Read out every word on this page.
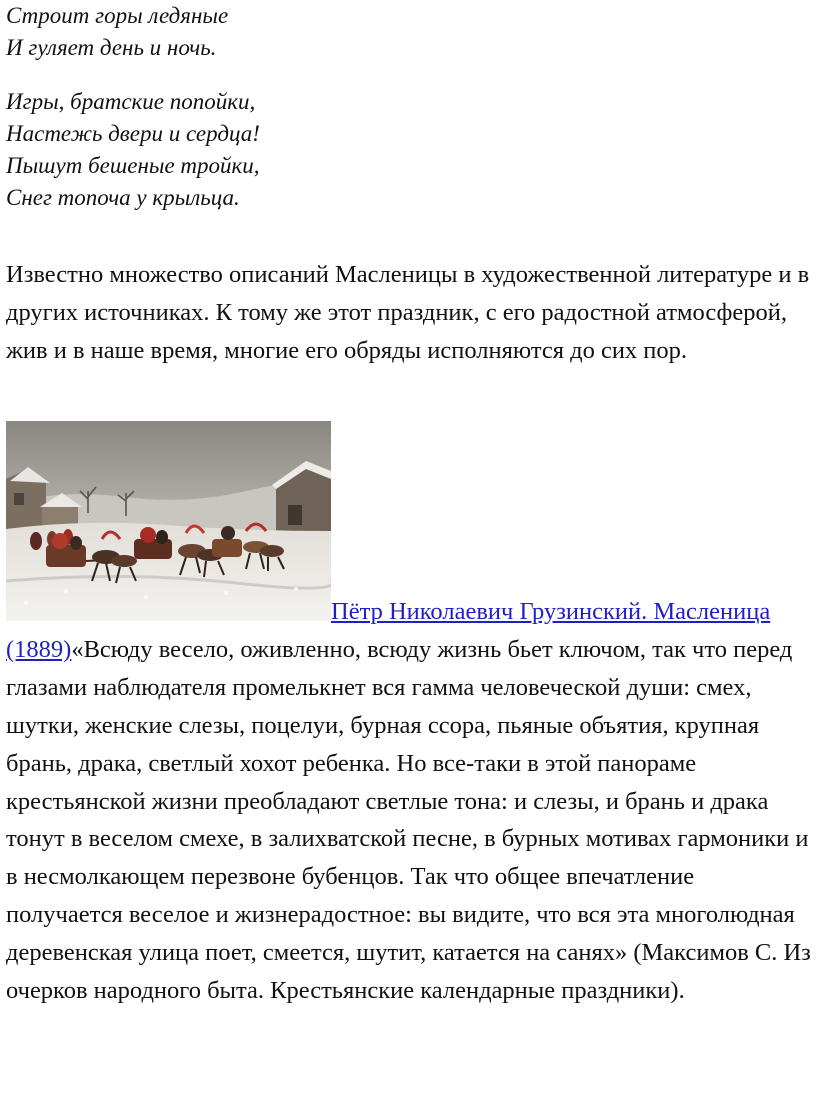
Строит горы ледяные

И гуляет день и ночь.

Игры, братские попойки,

Настежь двери и сердца!

Пышут бешеные тройки,

Снег топоча у крыльца.

Известно множество описаний Масленицы в художественной литературе и в других источниках. К тому же этот праздник, с его радостной атмосферой, жив и в наше время, многие его обряды исполняются до сих пор.

Пётр Николаевич Грузинский. Масленица (1889)«Всюду весело, оживленно, всюду жизнь бьет ключом, так что перед глазами наблюдателя промелькнет вся гамма человеческой души: смех, шутки, женские слезы, поцелуи, бурная ссора, пьяные объятия, крупная брань, драка, светлый хохот ребенка. Но все-таки в этой панораме крестьянской жизни преобладают светлые тона: и слезы, и брань и драка тонут в веселом смехе, в залихватской песне, в бурных мотивах гармоники и в несмолкающем перезвоне бубенцов. Так что общее впечатление получается веселое и жизнерадостное: вы видите, что вся эта многолюдная деревенская улица поет, смеется, шутит, катается на санях» (Максимов С. Из очерков народного быта. Крестьянские календарные праздники).
